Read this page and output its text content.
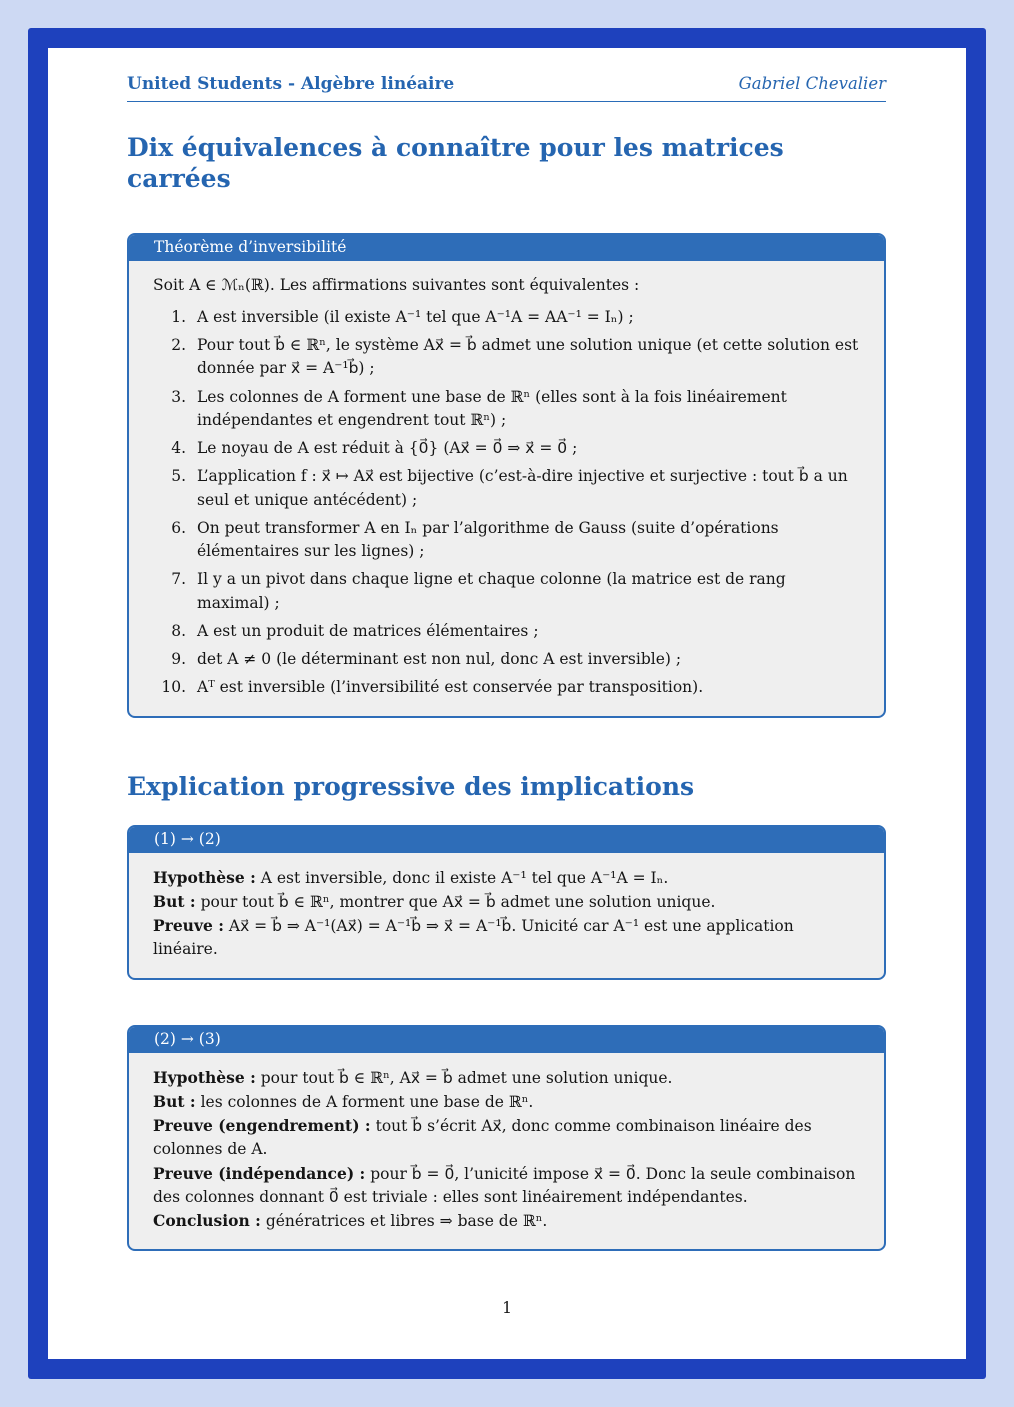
United Students - Algèbre linéaire	Gabriel Chevalier
Dix équivalences à connaître pour les matrices carrées
Théorème d’inversibilité

Soit A ∈ ℳₙ(ℝ). Les affirmations suivantes sont équivalentes :

1. A est inversible (il existe A⁻¹ tel que A⁻¹A = AA⁻¹ = Iₙ) ;
2. Pour tout b⃗ ∈ ℝⁿ, le système Ax⃗ = b⃗ admet une solution unique (et cette solution est donnée par x⃗ = A⁻¹b⃗) ;
3. Les colonnes de A forment une base de ℝⁿ (elles sont à la fois linéairement indépendantes et engendrent tout ℝⁿ) ;
4. Le noyau de A est réduit à {0⃗} (Ax⃗ = 0⃗ ⇒ x⃗ = 0⃗ ;
5. L’application f : x⃗ ↦ Ax⃗ est bijective (c’est-à-dire injective et surjective : tout b⃗ a un seul et unique antécédent) ;
6. On peut transformer A en Iₙ par l’algorithme de Gauss (suite d’opérations élémentaires sur les lignes) ;
7. Il y a un pivot dans chaque ligne et chaque colonne (la matrice est de rang maximal) ;
8. A est un produit de matrices élémentaires ;
9. det A ≠ 0 (le déterminant est non nul, donc A est inversible) ;
10. Aᵀ est inversible (l’inversibilité est conservée par transposition).
Explication progressive des implications
(1) → (2)

Hypothèse : A est inversible, donc il existe A⁻¹ tel que A⁻¹A = Iₙ.

But : pour tout b⃗ ∈ ℝⁿ, montrer que Ax⃗ = b⃗ admet une solution unique.

Preuve : Ax⃗ = b⃗ ⇒ A⁻¹(Ax⃗) = A⁻¹b⃗ ⇒ x⃗ = A⁻¹b⃗. Unicité car A⁻¹ est une application linéaire.

(2) → (3)

Hypothèse : pour tout b⃗ ∈ ℝⁿ, Ax⃗ = b⃗ admet une solution unique.

But : les colonnes de A forment une base de ℝⁿ.

Preuve (engendrement) : tout b⃗ s’écrit Ax⃗, donc comme combinaison linéaire des colonnes de A.

Preuve (indépendance) : pour b⃗ = 0⃗, l’unicité impose x⃗ = 0⃗. Donc la seule combinaison des colonnes donnant 0⃗ est triviale : elles sont linéairement indépendantes.

Conclusion : génératrices et libres ⇒ base de ℝⁿ.

1
